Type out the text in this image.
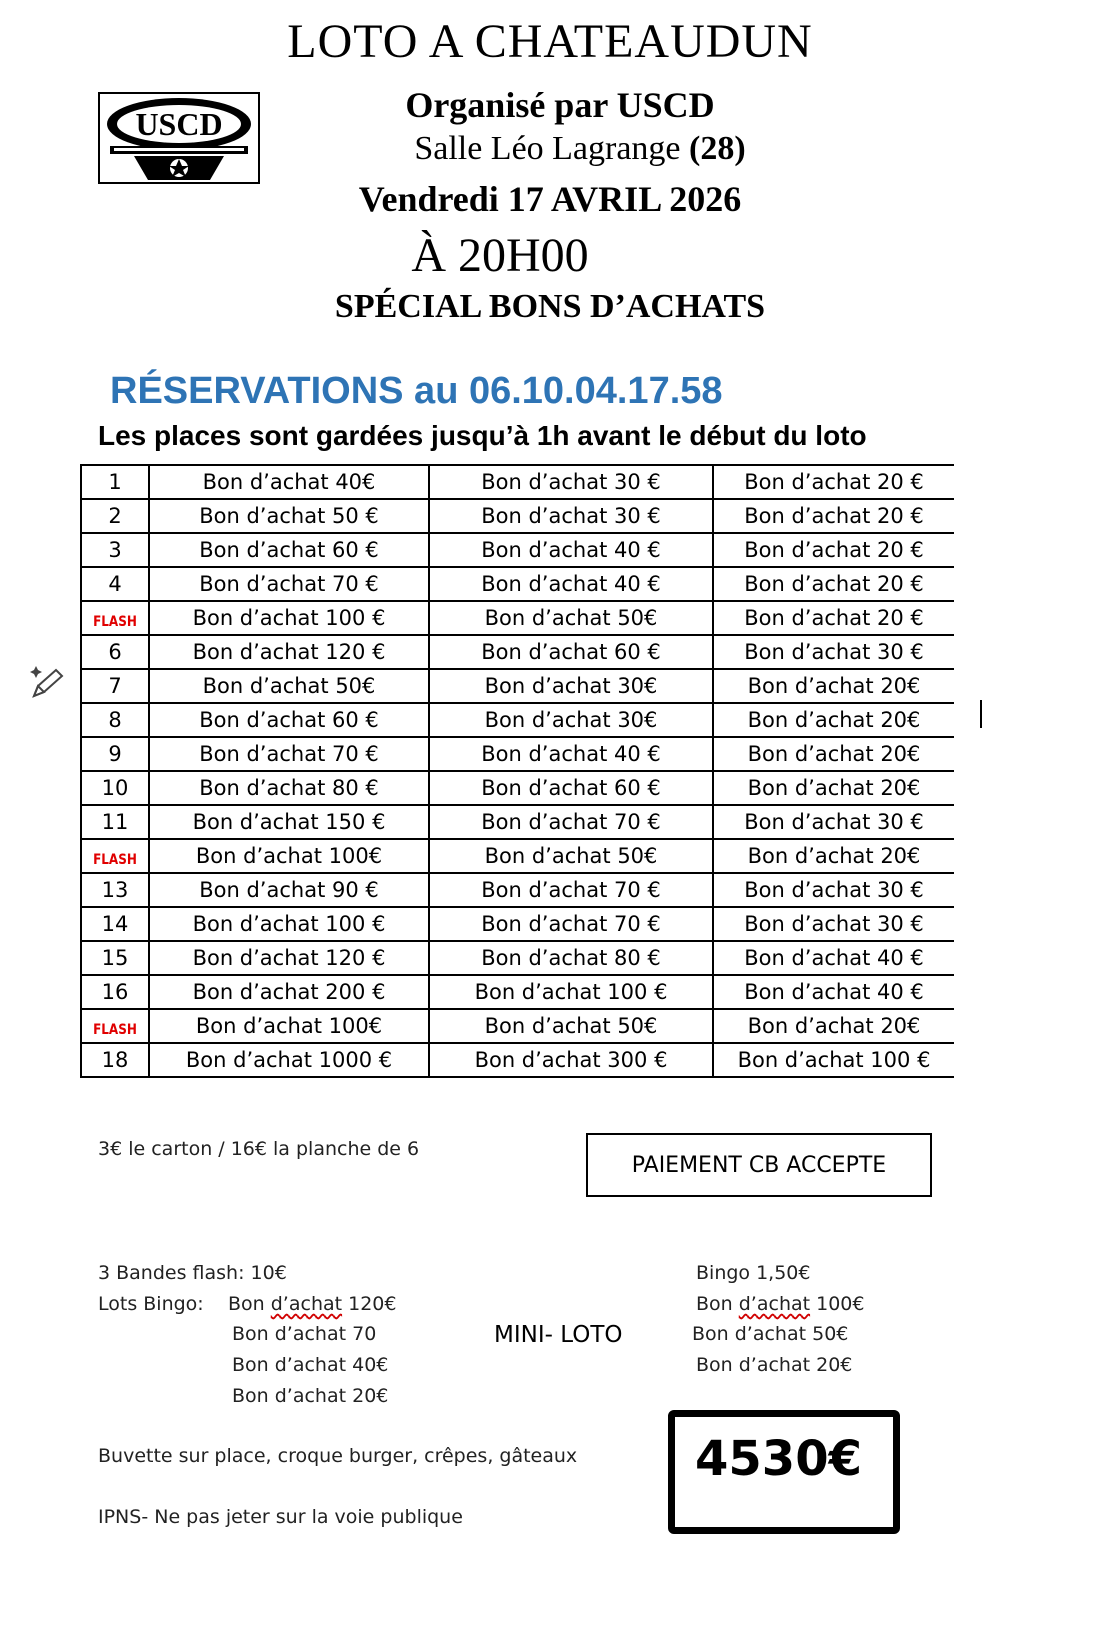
LOTO A CHATEAUDUN
USCD	Organisé par USCD
Salle Léo Lagrange (28)
Vendredi 17 AVRIL 2026
À 20H00
SPÉCIAL BONS D’ACHATS
RÉSERVATIONS au 06.10.04.17.58
Les places sont gardées jusqu’à 1h avant le début du loto
1	Bon d’achat 40€	Bon d’achat 30 €	Bon d’achat 20 €
2	Bon d’achat 50 €	Bon d’achat 30 €	Bon d’achat 20 €
3	Bon d’achat 60 €	Bon d’achat 40 €	Bon d’achat 20 €
4	Bon d’achat 70 €	Bon d’achat 40 €	Bon d’achat 20 €
FLASH	Bon d’achat 100 €	Bon d’achat 50€	Bon d’achat 20 €
6	Bon d’achat 120 €	Bon d’achat 60 €	Bon d’achat 30 €
7	Bon d’achat 50€	Bon d’achat 30€	Bon d’achat 20€
8	Bon d’achat 60 €	Bon d’achat 30€	Bon d’achat 20€
9	Bon d’achat 70 €	Bon d’achat 40 €	Bon d’achat 20€
10	Bon d’achat 80 €	Bon d’achat 60 €	Bon d’achat 20€
11	Bon d’achat 150 €	Bon d’achat 70 €	Bon d’achat 30 €
FLASH	Bon d’achat 100€	Bon d’achat 50€	Bon d’achat 20€
13	Bon d’achat 90 €	Bon d’achat 70 €	Bon d’achat 30 €
14	Bon d’achat 100 €	Bon d’achat 70 €	Bon d’achat 30 €
15	Bon d’achat 120 €	Bon d’achat 80 €	Bon d’achat 40 €
16	Bon d’achat 200 €	Bon d’achat 100 €	Bon d’achat 40 €
FLASH	Bon d’achat 100€	Bon d’achat 50€	Bon d’achat 20€
18	Bon d’achat 1000 €	Bon d’achat 300 €	Bon d’achat 100 €
3€ le carton / 16€ la planche de 6
PAIEMENT CB ACCEPTE
3 Bandes flash: 10€
Lots Bingo: Bon d’achat 120€
Bon d’achat 70
Bon d’achat 40€
Bon d’achat 20€
MINI- LOTO
Bingo 1,50€
Bon d’achat 100€
Bon d’achat 50€
Bon d’achat 20€
Buvette sur place, croque burger, crêpes, gâteaux
IPNS- Ne pas jeter sur la voie publique
4530€
